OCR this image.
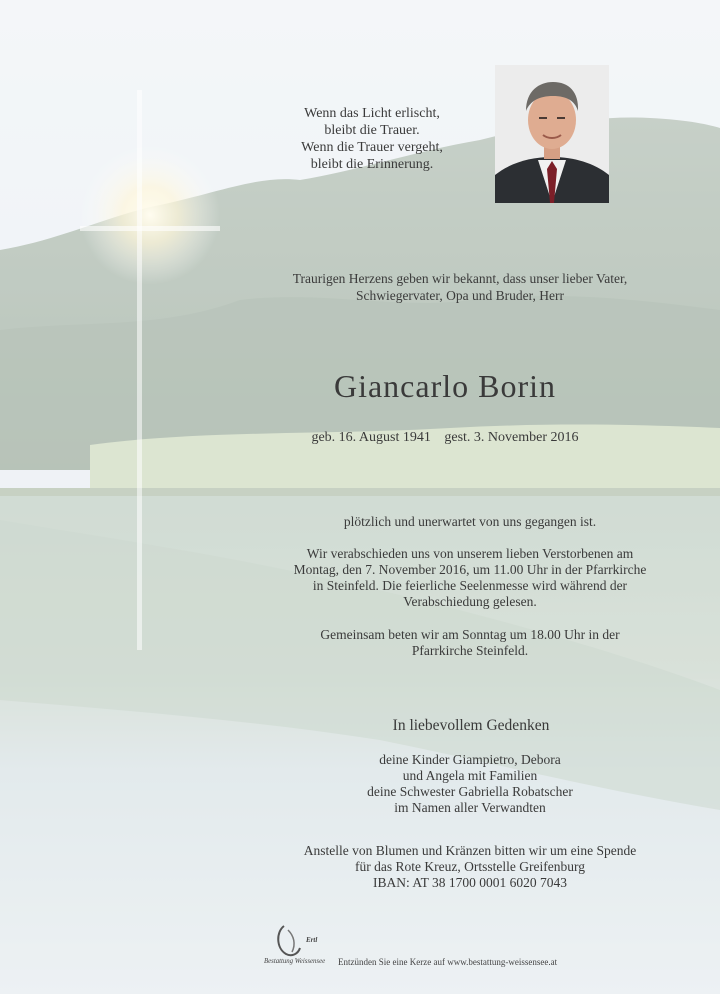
Wenn das Licht erlischt,
bleibt die Trauer.
Wenn die Trauer vergeht,
bleibt die Erinnerung.
Traurigen Herzens geben wir bekannt, dass unser lieber Vater,
Schwiegervater, Opa und Bruder, Herr
Giancarlo Borin
geb. 16. August 1941 gest. 3. November 2016
plötzlich und unerwartet von uns gegangen ist.
Wir verabschieden uns von unserem lieben Verstorbenen am
Montag, den 7. November 2016, um 11.00 Uhr in der Pfarrkirche
in Steinfeld. Die feierliche Seelenmesse wird während der
Verabschiedung gelesen.
Gemeinsam beten wir am Sonntag um 18.00 Uhr in der
Pfarrkirche Steinfeld.
In liebevollem Gedenken
deine Kinder Giampietro, Debora
und Angela mit Familien
deine Schwester Gabriella Robatscher
im Namen aller Verwandten
Anstelle von Blumen und Kränzen bitten wir um eine Spende
für das Rote Kreuz, Ortsstelle Greifenburg
IBAN: AT 38 1700 0001 6020 7043
Ertl
Bestattung Weissensee Entzünden Sie eine Kerze auf www.bestattung-weissensee.at
